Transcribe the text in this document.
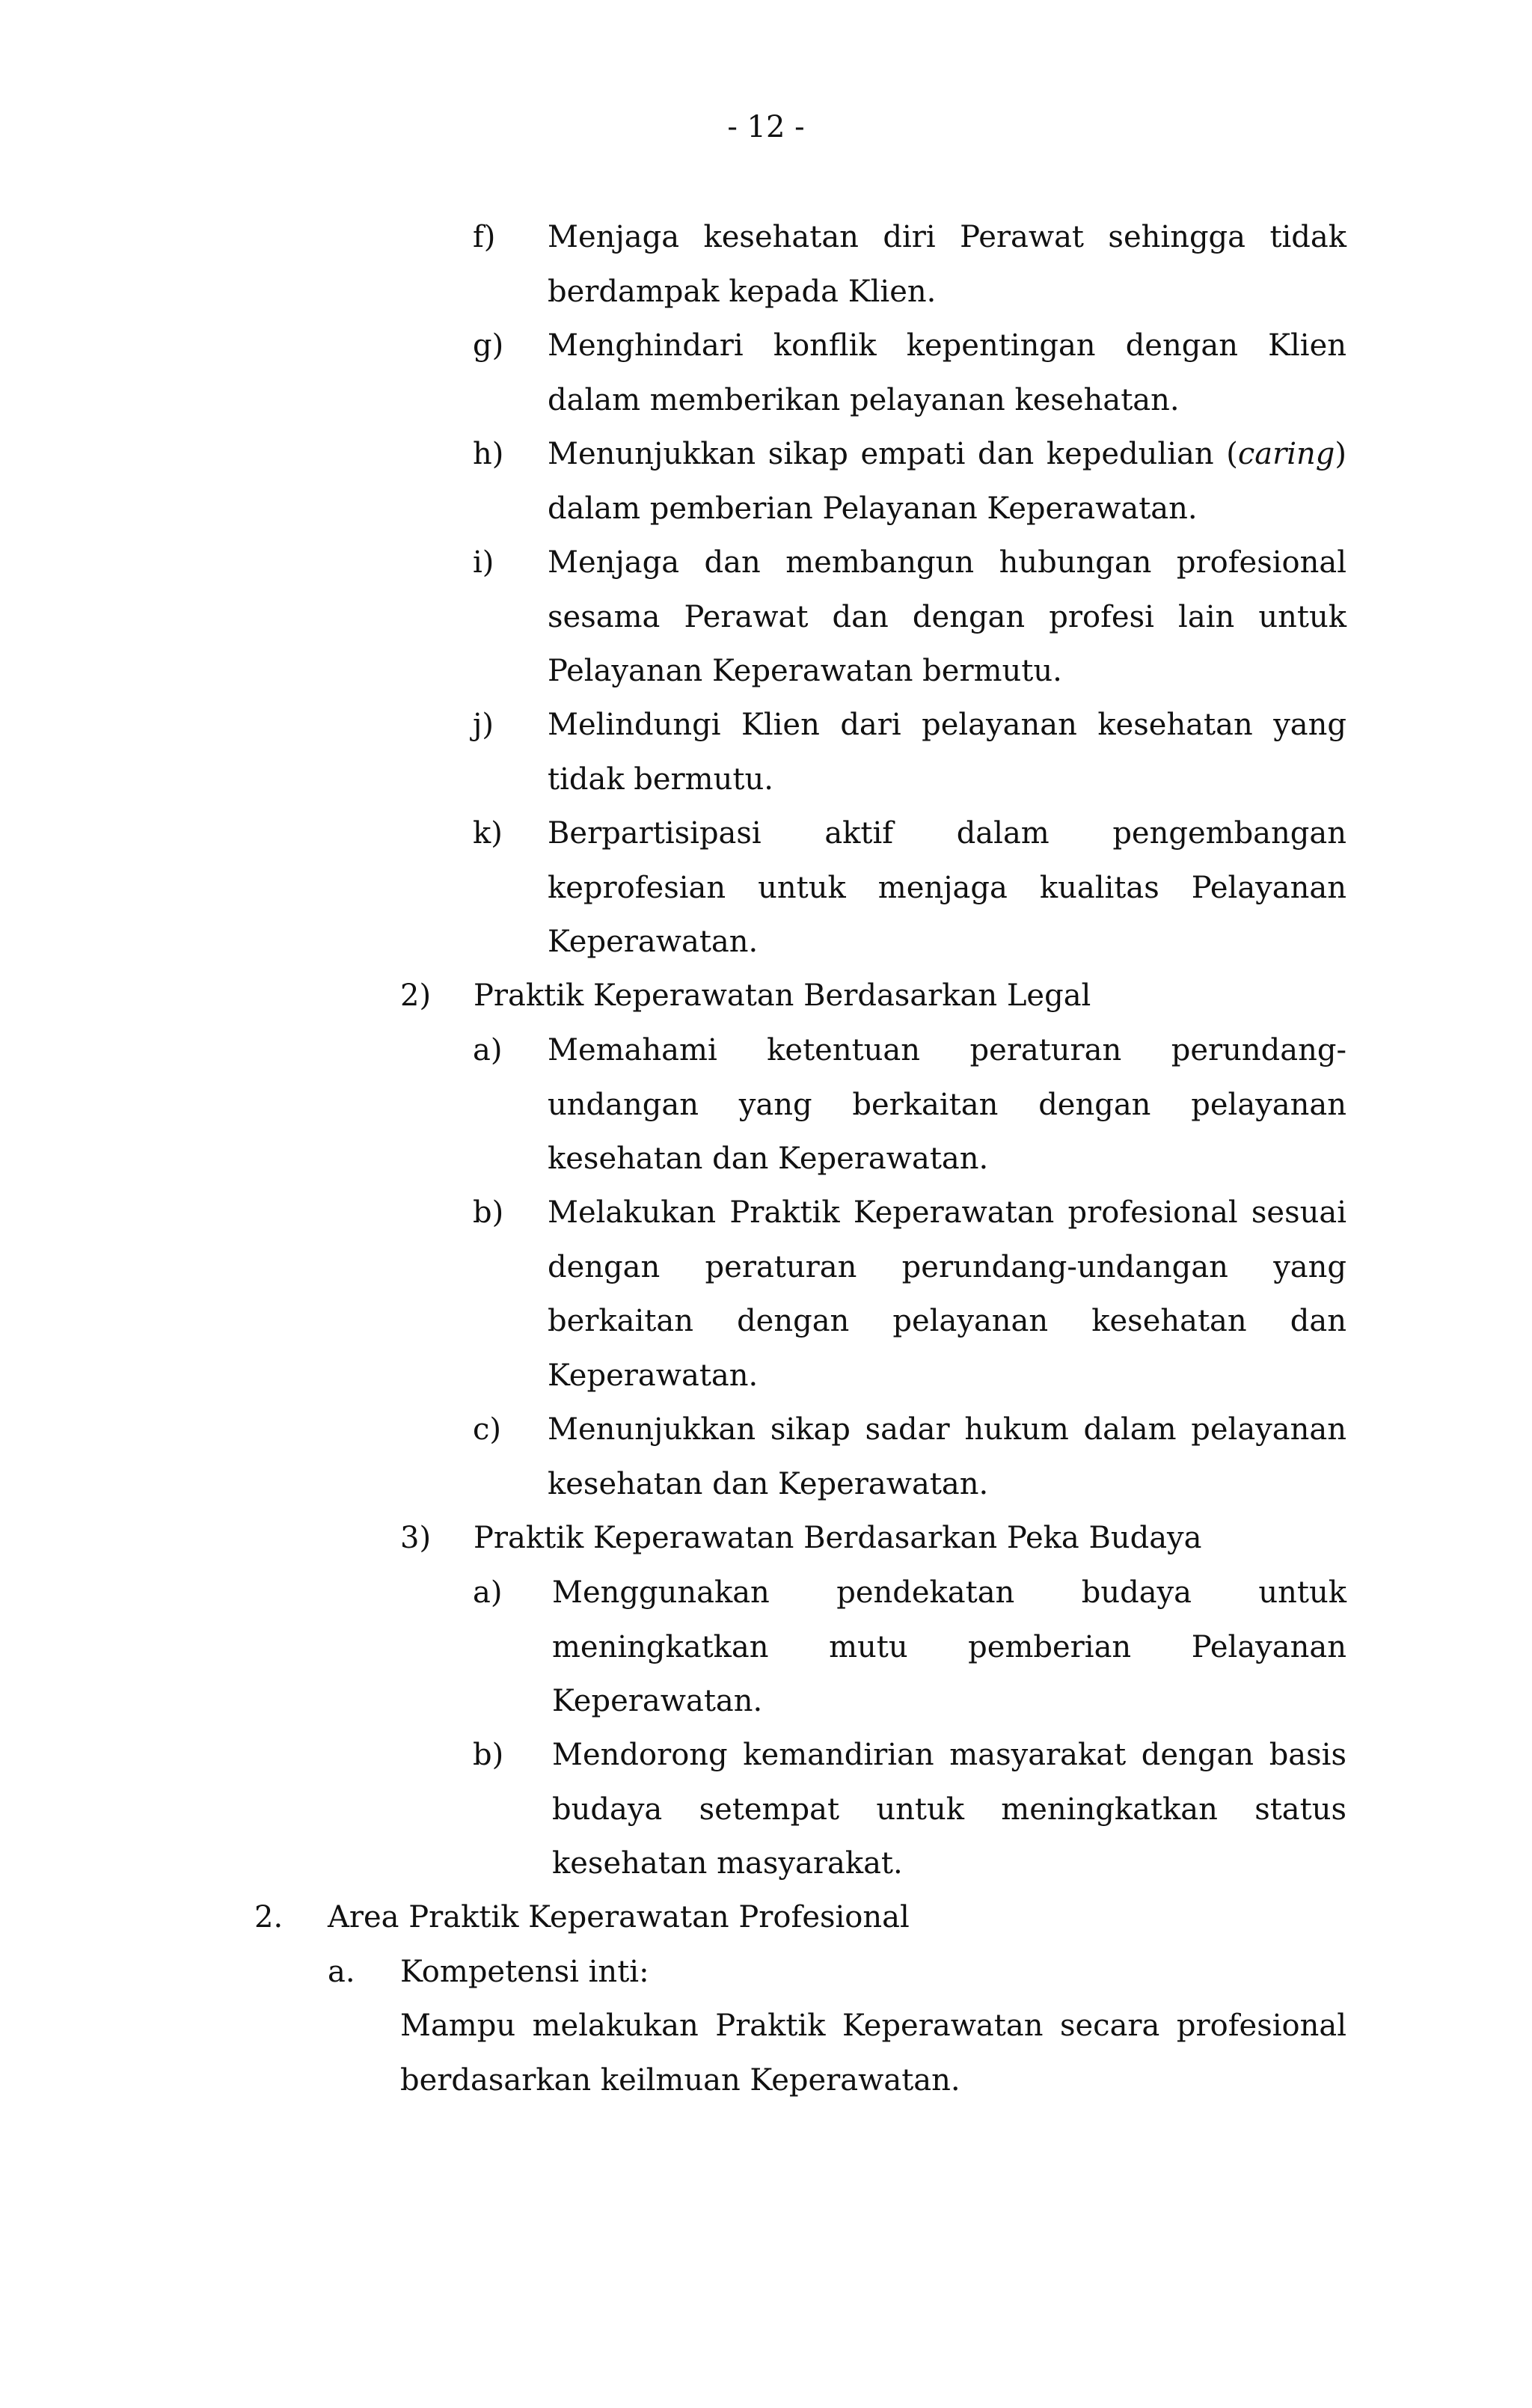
- 12 -
f) Menjaga kesehatan diri Perawat sehingga tidak
berdampak kepada Klien.
g) Menghindari konflik kepentingan dengan Klien
dalam memberikan pelayanan kesehatan.
h) Menunjukkan sikap empati dan kepedulian (caring)
dalam pemberian Pelayanan Keperawatan.
i) Menjaga dan membangun hubungan profesional
sesama Perawat dan dengan profesi lain untuk
Pelayanan Keperawatan bermutu.
j) Melindungi Klien dari pelayanan kesehatan yang
tidak bermutu.
k) Berpartisipasi aktif dalam pengembangan
keprofesian untuk menjaga kualitas Pelayanan
Keperawatan.
2) Praktik Keperawatan Berdasarkan Legal
a) Memahami ketentuan peraturan perundang-
undangan yang berkaitan dengan pelayanan
kesehatan dan Keperawatan.
b) Melakukan Praktik Keperawatan profesional sesuai
dengan peraturan perundang-undangan yang
berkaitan dengan pelayanan kesehatan dan
Keperawatan.
c) Menunjukkan sikap sadar hukum dalam pelayanan
kesehatan dan Keperawatan.
3) Praktik Keperawatan Berdasarkan Peka Budaya
a) Menggunakan pendekatan budaya untuk
meningkatkan mutu pemberian Pelayanan
Keperawatan.
b) Mendorong kemandirian masyarakat dengan basis
budaya setempat untuk meningkatkan status
kesehatan masyarakat.
2. Area Praktik Keperawatan Profesional
a. Kompetensi inti:
Mampu melakukan Praktik Keperawatan secara profesional
berdasarkan keilmuan Keperawatan.
